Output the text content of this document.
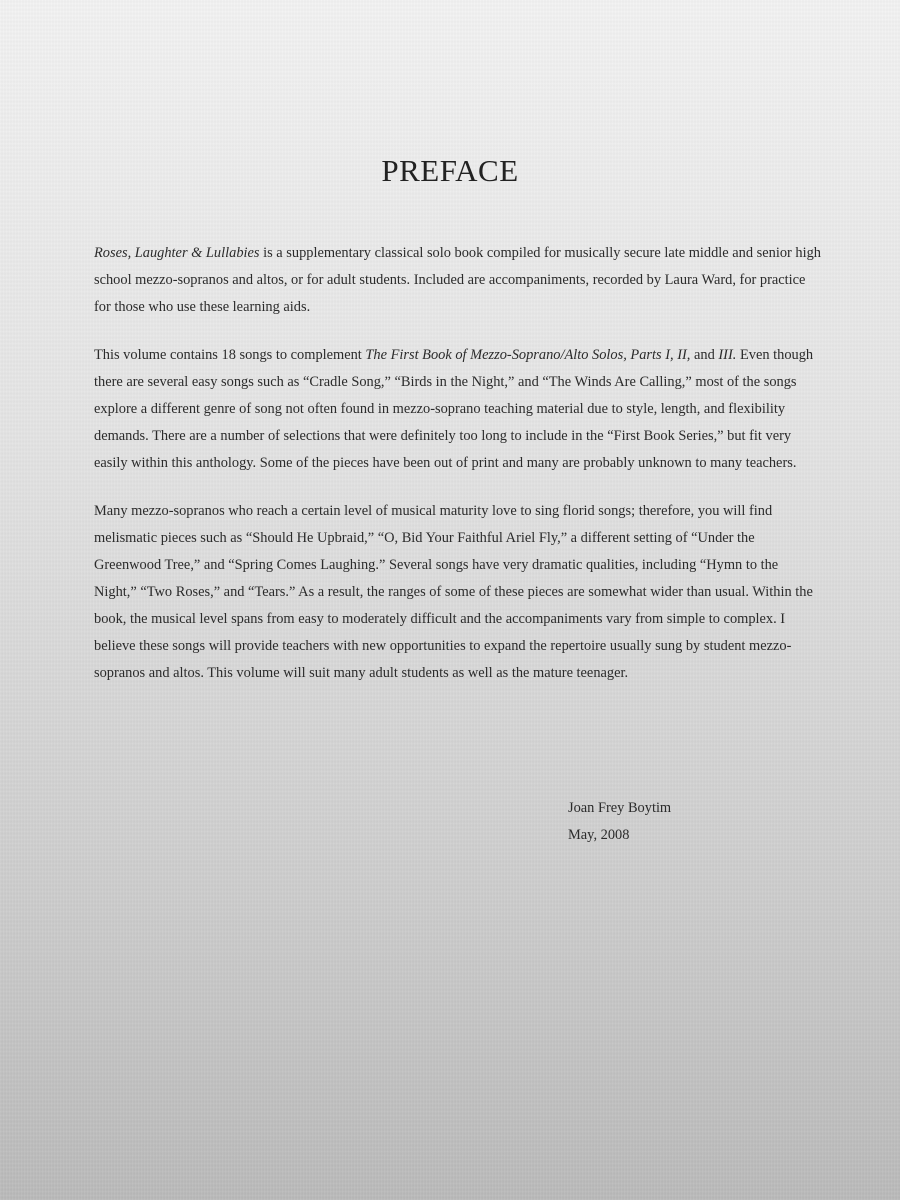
PREFACE

Roses, Laughter & Lullabies is a supplementary classical solo book compiled for musically secure late middle and senior high school mezzo-sopranos and altos, or for adult students. Included are accompaniments, recorded by Laura Ward, for practice for those who use these learning aids.

This volume contains 18 songs to complement The First Book of Mezzo-Soprano/Alto Solos, Parts I, II, and III. Even though there are several easy songs such as “Cradle Song,” “Birds in the Night,” and “The Winds Are Calling,” most of the songs explore a different genre of song not often found in mezzo-soprano teaching material due to style, length, and flexibility demands. There are a number of selections that were definitely too long to include in the “First Book Series,” but fit very easily within this anthology. Some of the pieces have been out of print and many are probably unknown to many teachers.

Many mezzo-sopranos who reach a certain level of musical maturity love to sing florid songs; therefore, you will find melismatic pieces such as “Should He Upbraid,” “O, Bid Your Faithful Ariel Fly,” a different setting of “Under the Greenwood Tree,” and “Spring Comes Laughing.” Several songs have very dramatic qualities, including “Hymn to the Night,” “Two Roses,” and “Tears.” As a result, the ranges of some of these pieces are somewhat wider than usual. Within the book, the musical level spans from easy to moderately difficult and the accompaniments vary from simple to complex. I believe these songs will provide teachers with new opportunities to expand the repertoire usually sung by student mezzo-sopranos and altos. This volume will suit many adult students as well as the mature teenager.

Joan Frey Boytim
May, 2008
